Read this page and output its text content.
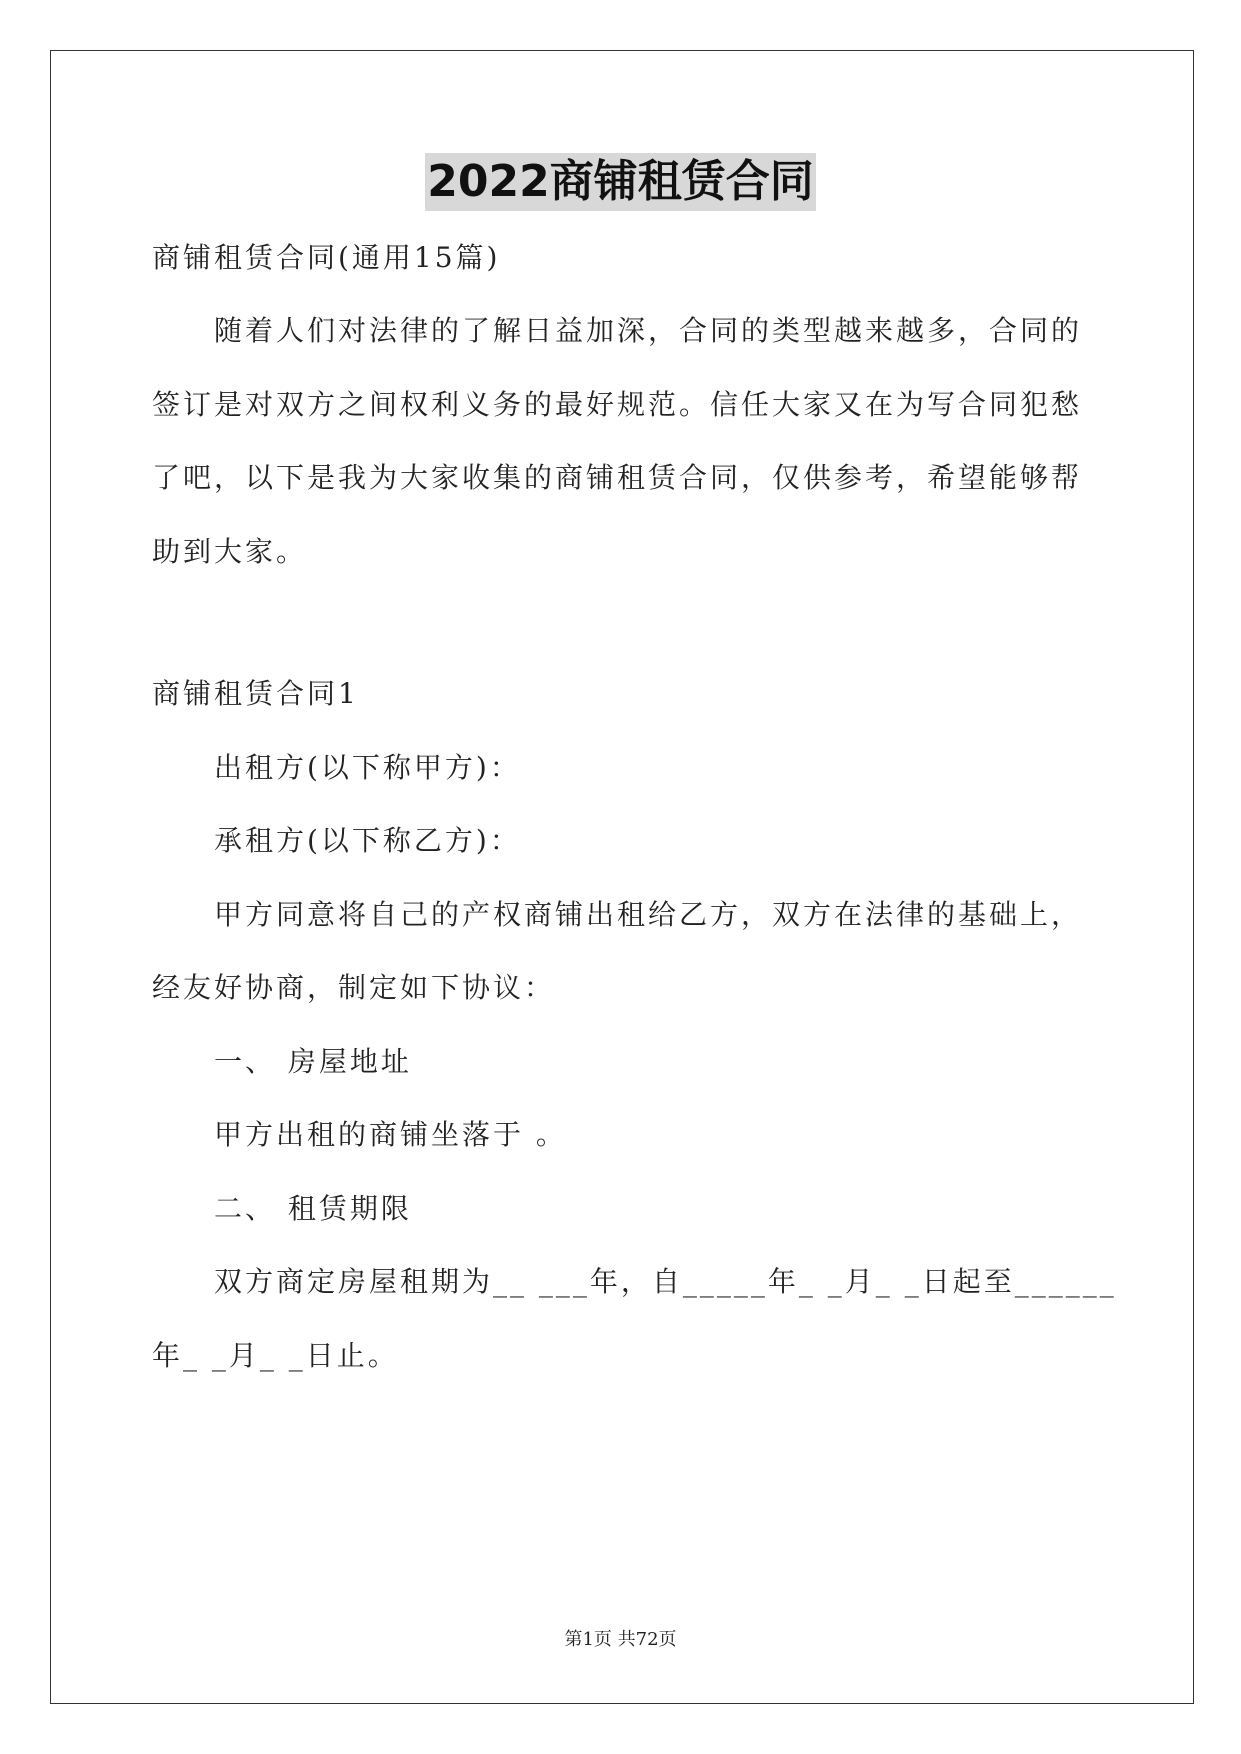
2022商铺租赁合同
商铺租赁合同(通用15篇)
随着人们对法律的了解日益加深，合同的类型越来越多，合同的
签订是对双方之间权利义务的最好规范。信任大家又在为写合同犯愁
了吧，以下是我为大家收集的商铺租赁合同，仅供参考，希望能够帮
助到大家。
商铺租赁合同1
出租方(以下称甲方)：
承租方(以下称乙方)：
甲方同意将自己的产权商铺出租给乙方，双方在法律的基础上，
经友好协商，制定如下协议：
一、 房屋地址
甲方出租的商铺坐落于 。
二、 租赁期限
双方商定房屋租期为__ ___年，自_____年_ _月_ _日起至______
年_ _月_ _日止。
第1页 共72页
